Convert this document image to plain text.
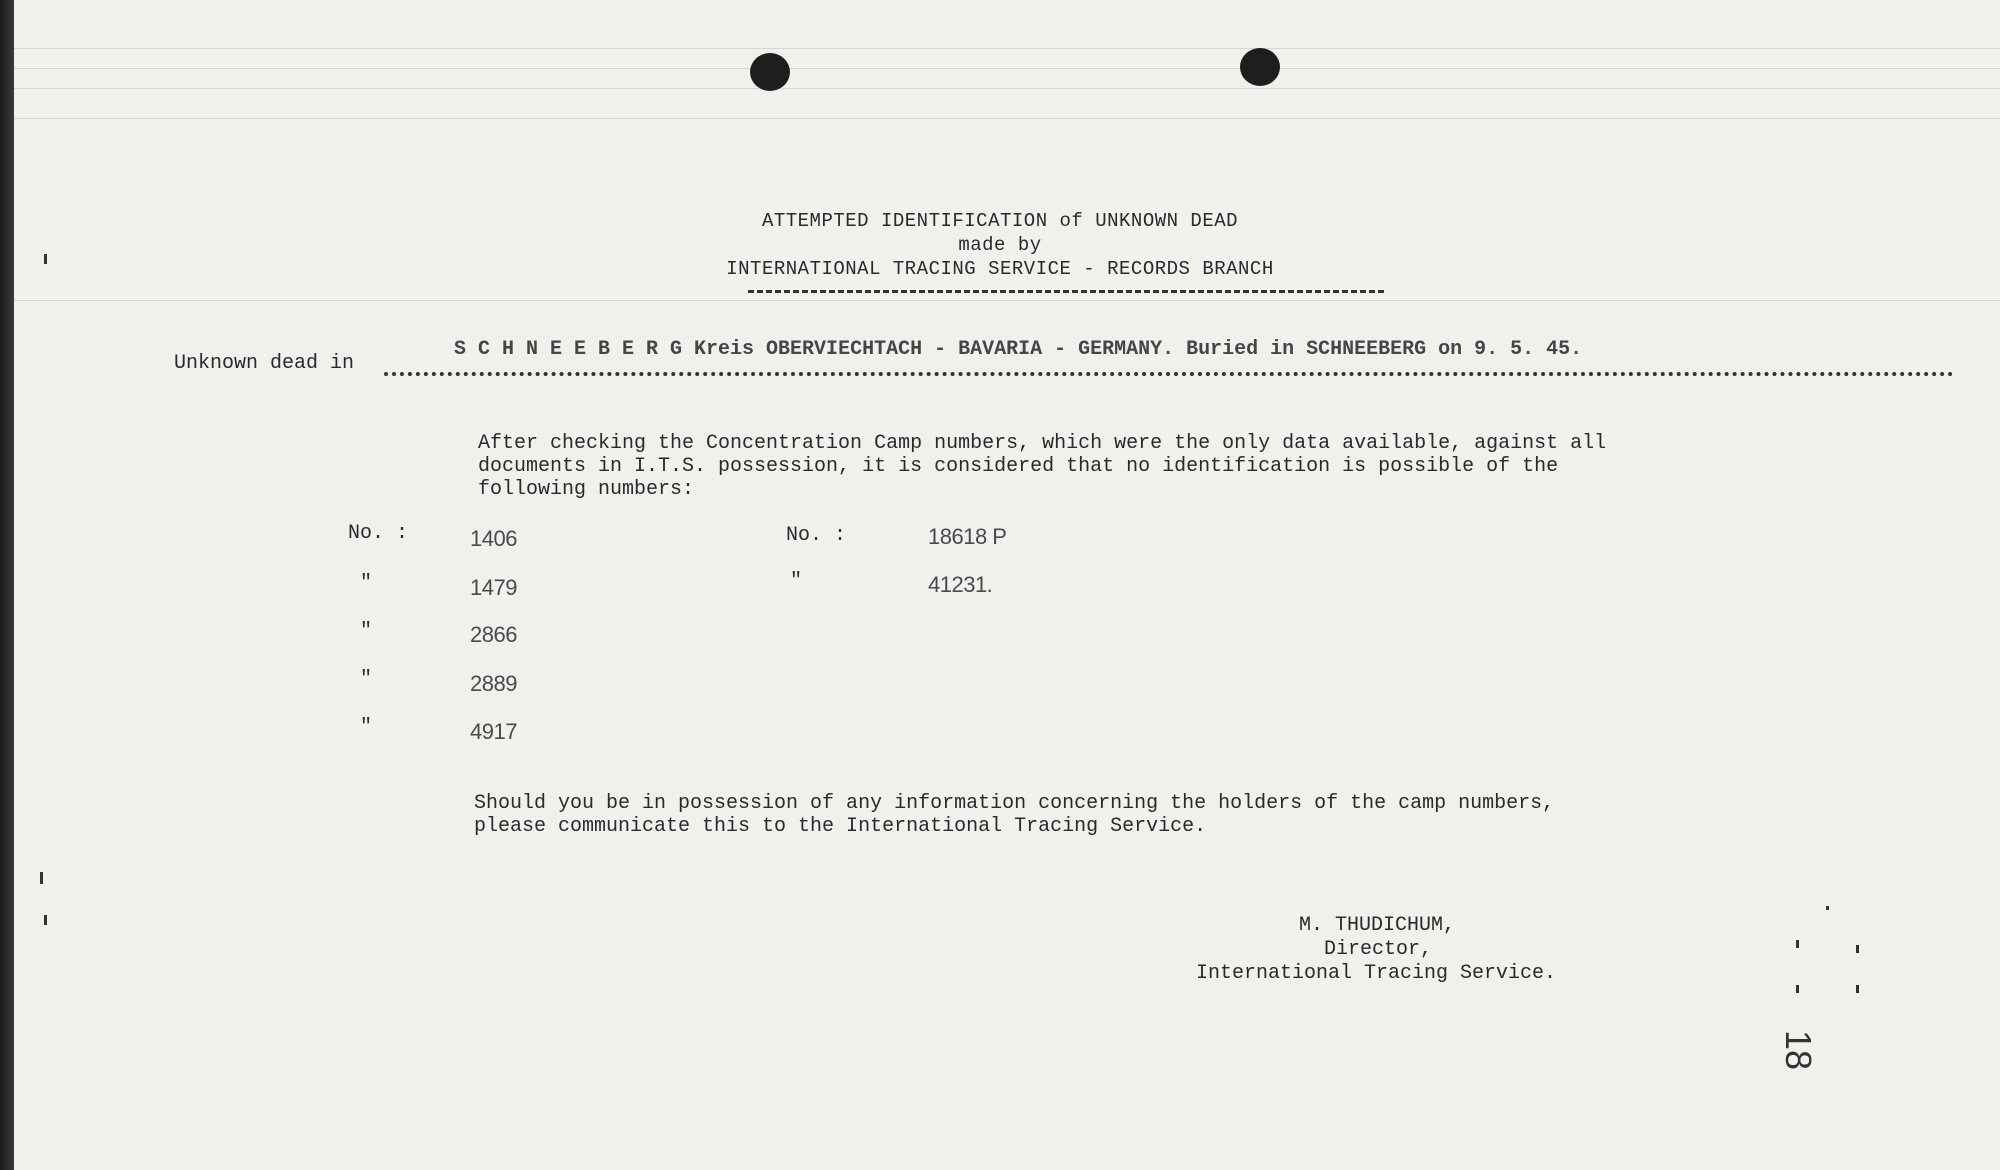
ATTEMPTED IDENTIFICATION of UNKNOWN DEAD
made by
INTERNATIONAL TRACING SERVICE - RECORDS BRANCH
Unknown dead in
S C H N E E B E R G Kreis OBERVIECHTACH - BAVARIA - GERMANY. Buried in SCHNEEBERG on 9. 5. 45.
After checking the Concentration Camp numbers, which were the only data available, against all
documents in I.T.S. possession, it is considered that no identification is possible of the
following numbers:
No. :	1406
"	1479
"	2866
"	2889
"	4917
No. :	18618 P
"	41231.
Should you be in possession of any information concerning the holders of the camp numbers,
please communicate this to the International Tracing Service.
M. THUDICHUM,
Director,
International Tracing Service.
18
